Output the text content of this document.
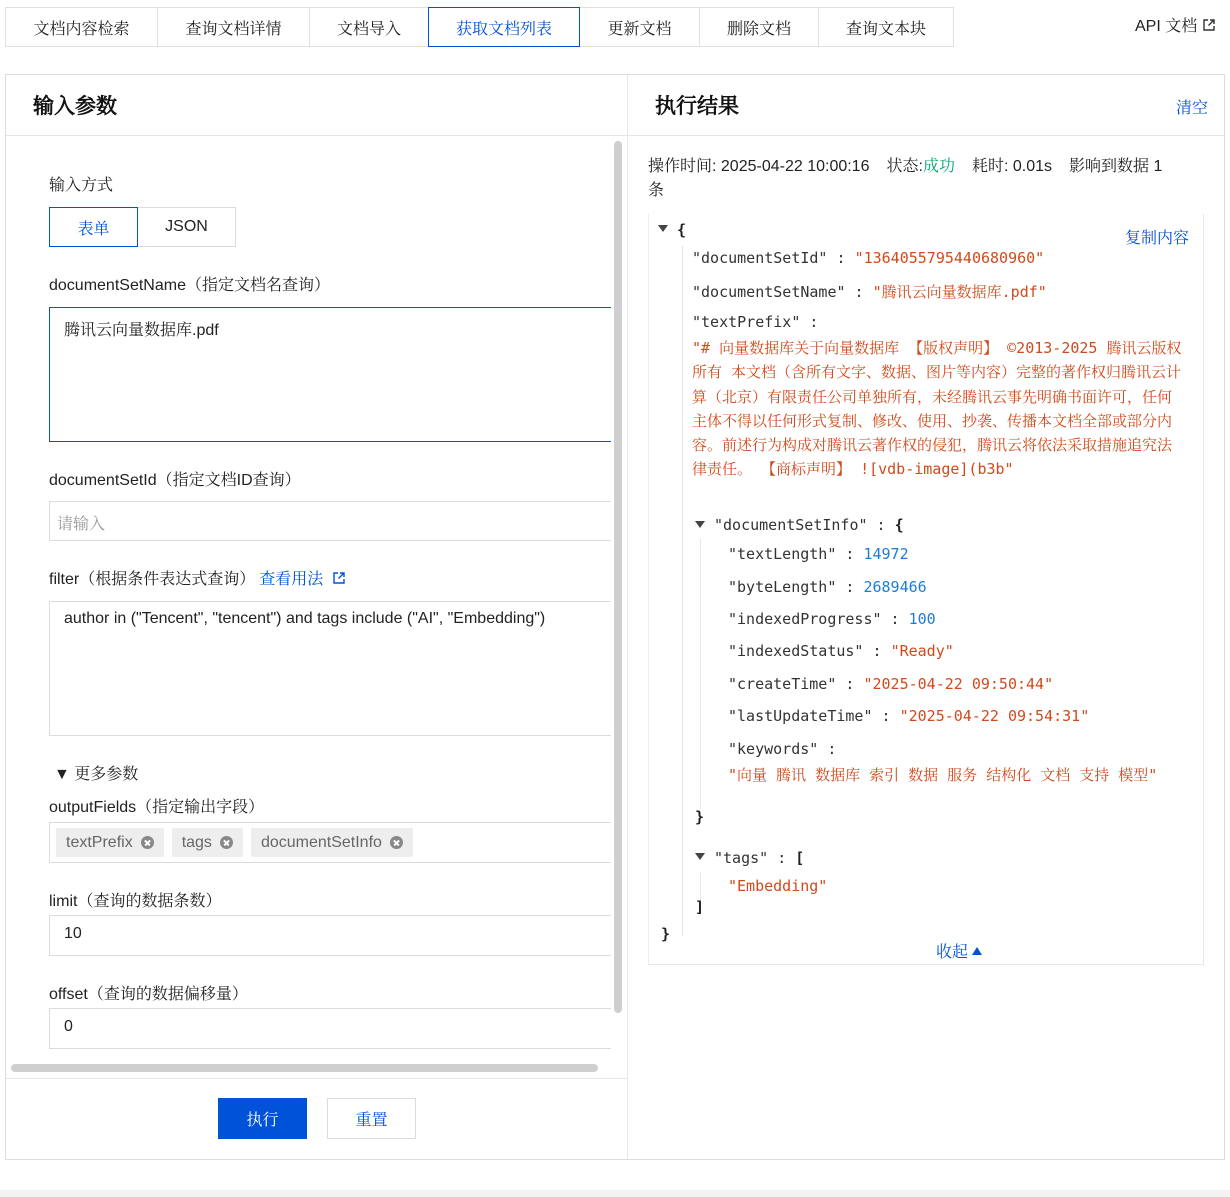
文档内容检索	查询文档详情	文档导入	获取文档列表	更新文档	删除文档	查询文本块	API 文档
输入参数
输入方式
表单	JSON
documentSetName（指定文档名查询）
腾讯云向量数据库.pdf
documentSetId（指定文档ID查询）
请输入
filter（根据条件表达式查询） 查看用法
author in ("Tencent", "tencent") and tags include ("AI", "Embedding")
▼ 更多参数
outputFields（指定输出字段）
textPrefix	tags	documentSetInfo
limit（查询的数据条数）
10
offset（查询的数据偏移量）
0
执行	重置
执行结果	清空
操作时间: 2025-04-22 10:00:16 状态:成功 耗时: 0.01s 影响到数据 1
条
复制内容
{
"documentSetId" : "1364055795440680960"
"documentSetName" : "腾讯云向量数据库.pdf"
"textPrefix" :
"# 向量数据库关于向量数据库 【版权声明】 ©2013-2025 腾讯云版权所有 本文档（含所有文字、数据、图片等内容）完整的著作权归腾讯云计算（北京）有限责任公司单独所有，未经腾讯云事先明确书面许可，任何主体不得以任何形式复制、修改、使用、抄袭、传播本文档全部或部分内容。前述行为构成对腾讯云著作权的侵犯，腾讯云将依法采取措施追究法律责任。 【商标声明】 ![vdb-image](b3b"
"documentSetInfo" : {
"textLength" : 14972
"byteLength" : 2689466
"indexedProgress" : 100
"indexedStatus" : "Ready"
"createTime" : "2025-04-22 09:50:44"
"lastUpdateTime" : "2025-04-22 09:54:31"
"keywords" :
"向量 腾讯 数据库 索引 数据 服务 结构化 文档 支持 模型"
}
"tags" : [
"Embedding"
]
}
收起
